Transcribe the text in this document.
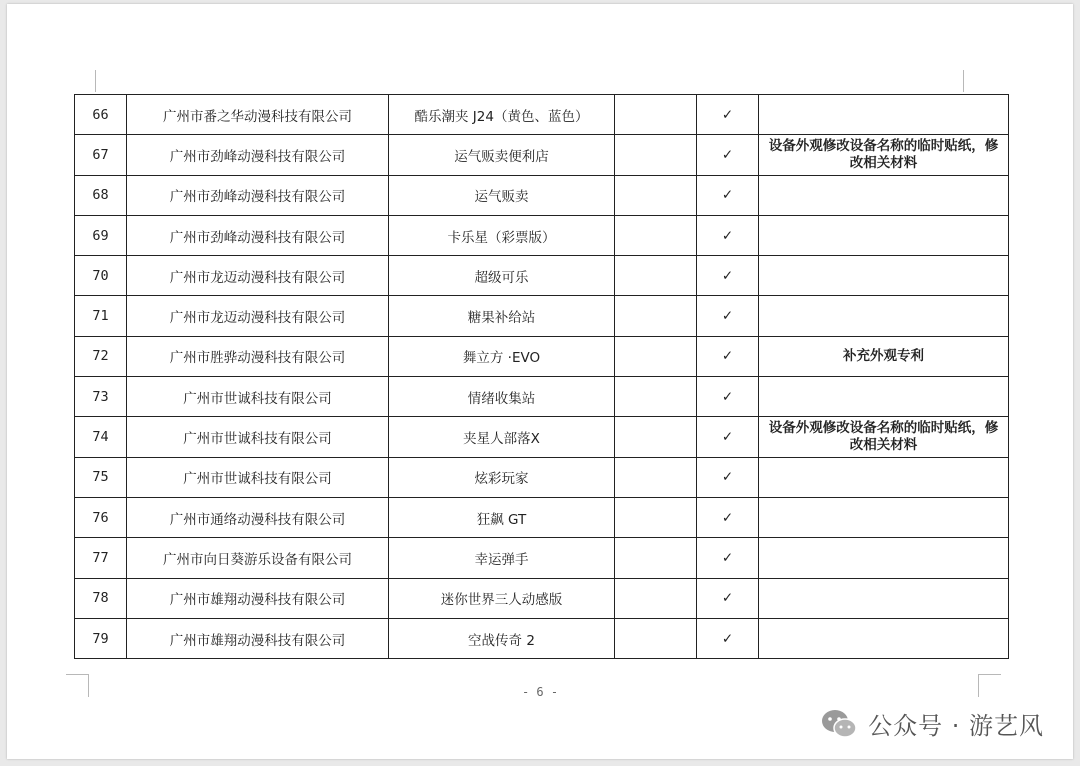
66	广州市番之华动漫科技有限公司	酷乐潮夹 J24（黄色、蓝色）		✓	
67	广州市劲峰动漫科技有限公司	运气贩卖便利店		✓	设备外观修改设备名称的临时贴纸，修改相关材料
68	广州市劲峰动漫科技有限公司	运气贩卖		✓	
69	广州市劲峰动漫科技有限公司	卡乐星（彩票版）		✓	
70	广州市龙迈动漫科技有限公司	超级可乐		✓	
71	广州市龙迈动漫科技有限公司	糖果补给站		✓	
72	广州市胜骅动漫科技有限公司	舞立方 ·EVO		✓	补充外观专利
73	广州市世诚科技有限公司	情绪收集站		✓	
74	广州市世诚科技有限公司	夹星人部落X		✓	设备外观修改设备名称的临时贴纸，修改相关材料
75	广州市世诚科技有限公司	炫彩玩家		✓	
76	广州市通络动漫科技有限公司	狂飙 GT		✓	
77	广州市向日葵游乐设备有限公司	幸运弹手		✓	
78	广州市雄翔动漫科技有限公司	迷你世界三人动感版		✓	
79	广州市雄翔动漫科技有限公司	空战传奇 2		✓	
- 6 -
公众号 · 游艺风
